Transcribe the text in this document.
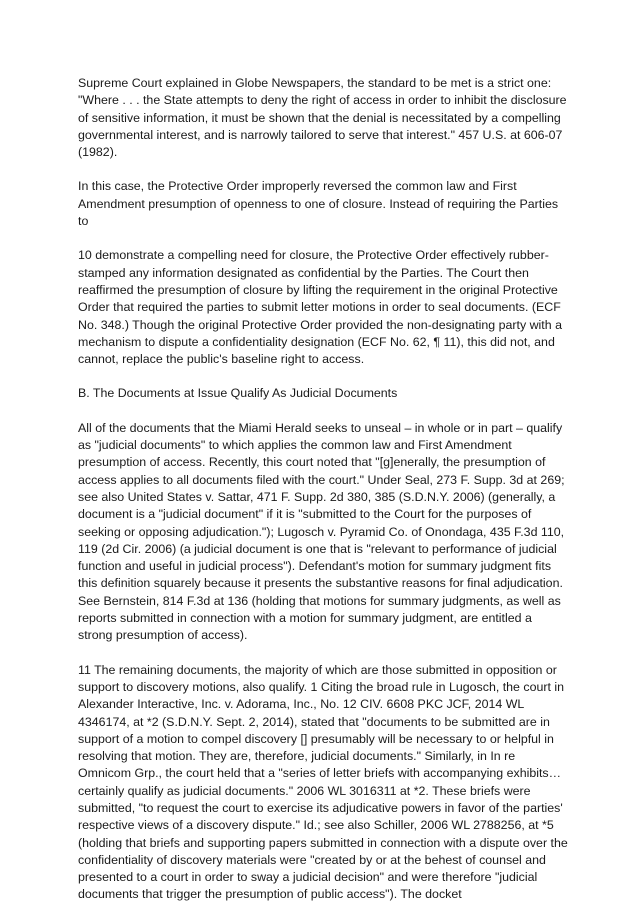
Supreme Court explained in Globe Newspapers, the standard to be met is a strict one: "Where . . . the State attempts to deny the right of access in order to inhibit the disclosure of sensitive information, it must be shown that the denial is necessitated by a compelling governmental interest, and is narrowly tailored to serve that interest." 457 U.S. at 606-07 (1982).

In this case, the Protective Order improperly reversed the common law and First Amendment presumption of openness to one of closure. Instead of requiring the Parties to

10 demonstrate a compelling need for closure, the Protective Order effectively rubber-stamped any information designated as confidential by the Parties. The Court then reaffirmed the presumption of closure by lifting the requirement in the original Protective Order that required the parties to submit letter motions in order to seal documents. (ECF No. 348.) Though the original Protective Order provided the non-designating party with a mechanism to dispute a confidentiality designation (ECF No. 62, ¶ 11), this did not, and cannot, replace the public's baseline right to access.

B. The Documents at Issue Qualify As Judicial Documents

All of the documents that the Miami Herald seeks to unseal – in whole or in part – qualify as "judicial documents" to which applies the common law and First Amendment presumption of access. Recently, this court noted that "[g]enerally, the presumption of access applies to all documents filed with the court." Under Seal, 273 F. Supp. 3d at 269; see also United States v. Sattar, 471 F. Supp. 2d 380, 385 (S.D.N.Y. 2006) (generally, a document is a "judicial document" if it is "submitted to the Court for the purposes of seeking or opposing adjudication."); Lugosch v. Pyramid Co. of Onondaga, 435 F.3d 110, 119 (2d Cir. 2006) (a judicial document is one that is "relevant to performance of judicial function and useful in judicial process"). Defendant's motion for summary judgment fits this definition squarely because it presents the substantive reasons for final adjudication. See Bernstein, 814 F.3d at 136 (holding that motions for summary judgments, as well as reports submitted in connection with a motion for summary judgment, are entitled a strong presumption of access).

11 The remaining documents, the majority of which are those submitted in opposition or support to discovery motions, also qualify. 1 Citing the broad rule in Lugosch, the court in Alexander Interactive, Inc. v. Adorama, Inc., No. 12 CIV. 6608 PKC JCF, 2014 WL 4346174, at *2 (S.D.N.Y. Sept. 2, 2014), stated that "documents to be submitted are in support of a motion to compel discovery [] presumably will be necessary to or helpful in resolving that motion. They are, therefore, judicial documents." Similarly, in In re Omnicom Grp., the court held that a "series of letter briefs with accompanying exhibits…certainly qualify as judicial documents." 2006 WL 3016311 at *2. These briefs were submitted, "to request the court to exercise its adjudicative powers in favor of the parties' respective views of a discovery dispute." Id.; see also Schiller, 2006 WL 2788256, at *5 (holding that briefs and supporting papers submitted in connection with a dispute over the confidentiality of discovery materials were "created by or at the behest of counsel and presented to a court in order to sway a judicial decision" and were therefore "judicial documents that trigger the presumption of public access"). The docket
